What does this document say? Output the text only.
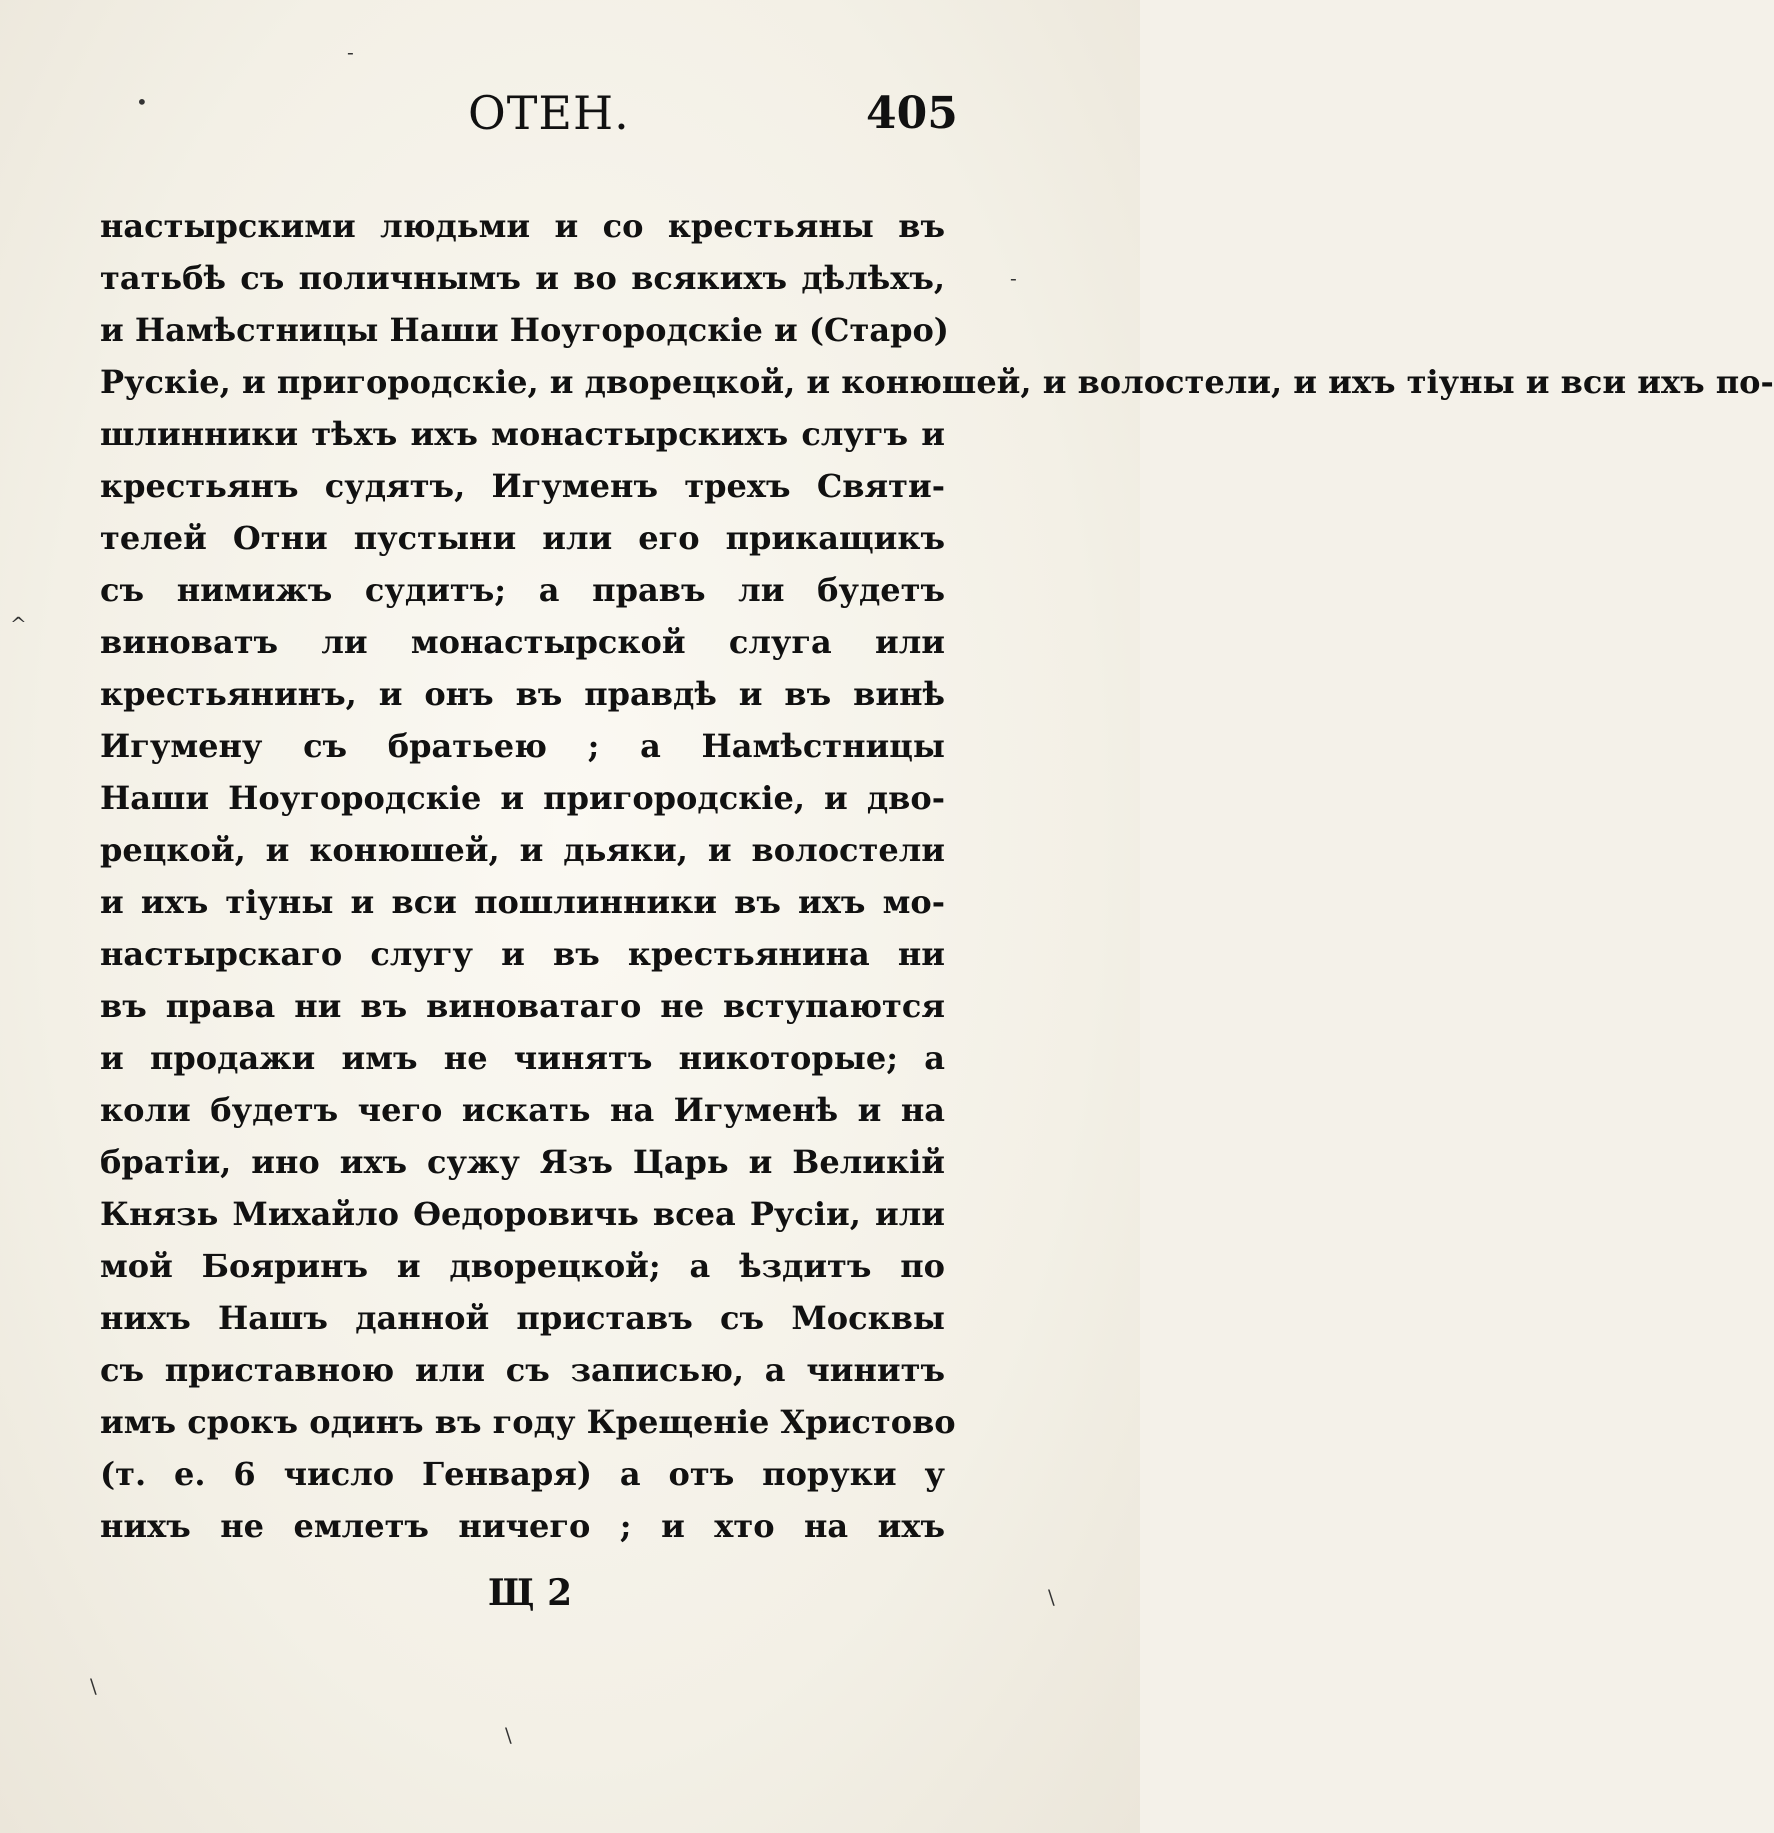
ОТЕН.	405
настырскими людьми и со крестьяны въ
татьбѣ съ поличнымъ и во всякихъ дѣлѣхъ,
и Намѣстницы Наши Ноугородскіе и (Старо)
Руcкіе, и пригородскіе, и дворецкой, и конюшей, и волостели, и ихъ тіуны и вси ихъ по-
шлинники тѣхъ ихъ монастырскихъ слугъ и
крестьянъ судятъ, Игуменъ трехъ Святи-
телей Отни пустыни или его прикащикъ
съ нимижъ судитъ; а правъ ли будетъ
виноватъ ли монастырской слуга или
крестьянинъ, и онъ въ правдѣ и въ винѣ
Игумену съ братьею ; а Намѣстницы
Наши Ноугородскіе и пригородскіе, и дво-
рецкой, и конюшей, и дьяки, и волостели
и ихъ тіуны и вси пошлинники въ ихъ мо-
настырскаго слугу и въ крестьянина ни
въ права ни въ виноватаго не вступаются
и продажи имъ не чинятъ никоторые; а
коли будетъ чего искать на Игуменѣ и на
братіи, ино ихъ сужу Язъ Царь и Великій
Князь Михайло Өедоровичь всеа Русіи, или
мой Бояринъ и дворецкой; а ѣздитъ по
нихъ Нашъ данной приставъ съ Москвы
съ приставною или съ записью, а чинитъ
имъ срокъ одинъ въ году Крещеніе Христово
(т. е. 6 число Генваря) а отъ поруки у
нихъ не емлетъ ничего ; и хто на ихъ
Щ 2
•
-
-
^
\
\
\
